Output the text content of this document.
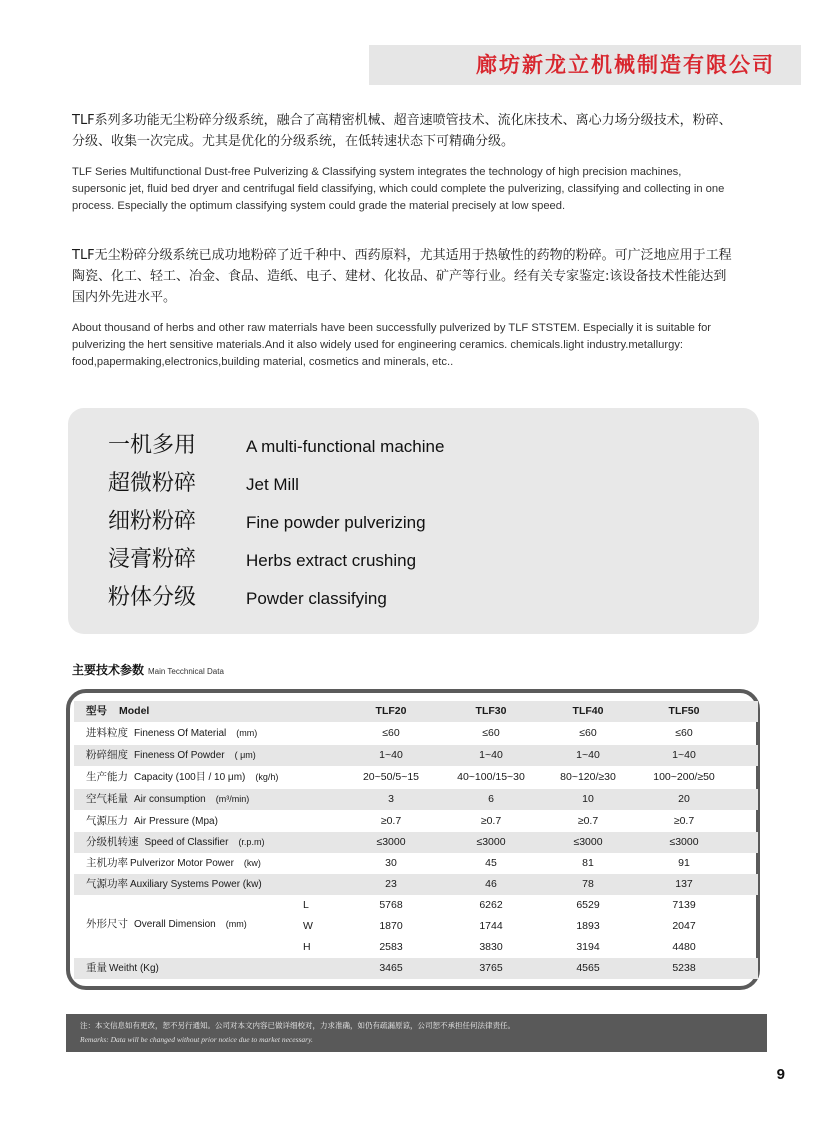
廊坊新龙立机械制造有限公司
TLF系列多功能无尘粉碎分级系统，融合了高精密机械、超音速喷管技术、流化床技术、离心力场分级技术，粉碎、分级、收集一次完成。尤其是优化的分级系统，在低转速状态下可精确分级。
TLF Series Multifunctional Dust-free Pulverizing & Classifying system integrates the technology of high precision machines, supersonic jet, fluid bed dryer and centrifugal field classifying, which could complete the pulverizing, classifying and collecting in one process. Especially the optimum classifying system could grade the material precisely at low speed.
TLF无尘粉碎分级系统已成功地粉碎了近千种中、西药原料，尤其适用于热敏性的药物的粉碎。可广泛地应用于工程陶瓷、化工、轻工、冶金、食品、造纸、电子、建材、化妆品、矿产等行业。经有关专家鉴定:该设备技术性能达到国内外先进水平。
About thousand of herbs and other raw materrials have been successfully pulverized by TLF STSTEM. Especially it is suitable for pulverizing the hert sensitive materials.And it also widely used for engineering ceramics. chemicals.light industry.metallurgy: food,papermaking,electronics,building material, cosmetics and minerals, etc..
一机多用	A multi-functional machine
超微粉碎	Jet Mill
细粉粉碎	Fine powder pulverizing
浸膏粉碎	Herbs extract crushing
粉体分级	Powder classifying
主要技术参数 Main Tecchnical Data
型号 Model	TLF20	TLF30	TLF40	TLF50
进料粒度 Fineness Of Material (mm)	≤60	≤60	≤60	≤60
粉碎细度 Fineness Of Powder ( μm)	1~40	1~40	1~40	1~40
生产能力 Capacity (100目 / 10 μm) (kg/h)	20~50/5~15	40~100/15~30	80~120/≥30	100~200/≥50
空气耗量 Air consumption (m³/min)	3	6	10	20
气源压力 Air Pressure (Mpa)	≥0.7	≥0.7	≥0.7	≥0.7
分级机转速 Speed of Classifier (r.p.m)	≤3000	≤3000	≤3000	≤3000
主机功率 Pulverizor Motor Power (kw)	30	45	81	91
气源功率 Auxiliary Systems Power (kw)	23	46	78	137
外形尺寸 Overall Dimension (mm)
L	5768	6262	6529	7139
W	1870	1744	1893	2047
H	2583	3830	3194	4480
重量 Weitht (Kg)	3465	3765	4565	5238
注：本文信息如有更改，恕不另行通知。公司对本文内容已做详细校对，力求准确，如仍有疏漏原谅，公司恕不承担任何法律责任。
Remarks: Data will be changed without prior notice due to market necessary.
9
